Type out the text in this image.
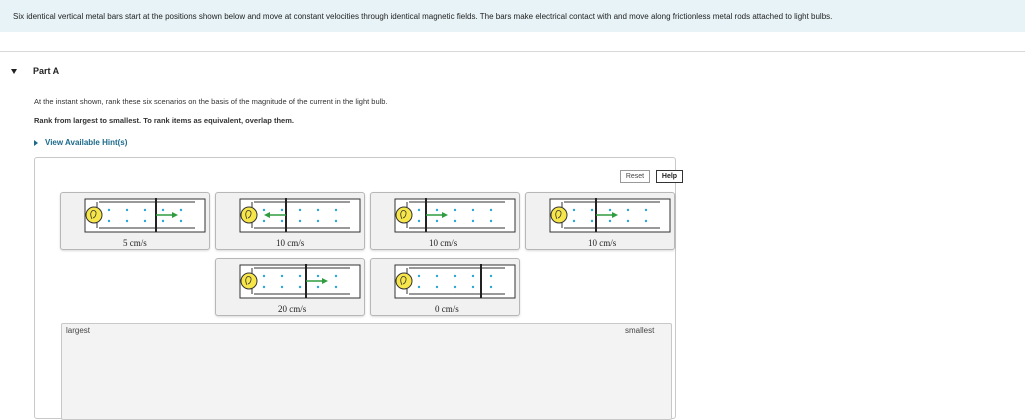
Six identical vertical metal bars start at the positions shown below and move at constant velocities through identical magnetic fields. The bars make electrical contact with and move along frictionless metal rods attached to light bulbs.
Part A
At the instant shown, rank these six scenarios on the basis of the magnitude of the current in the light bulb.
Rank from largest to smallest. To rank items as equivalent, overlap them.
View Available Hint(s)
Reset	Help
5 cm/s	10 cm/s	10 cm/s	10 cm/s
20 cm/s	0 cm/s
largest	smallest
